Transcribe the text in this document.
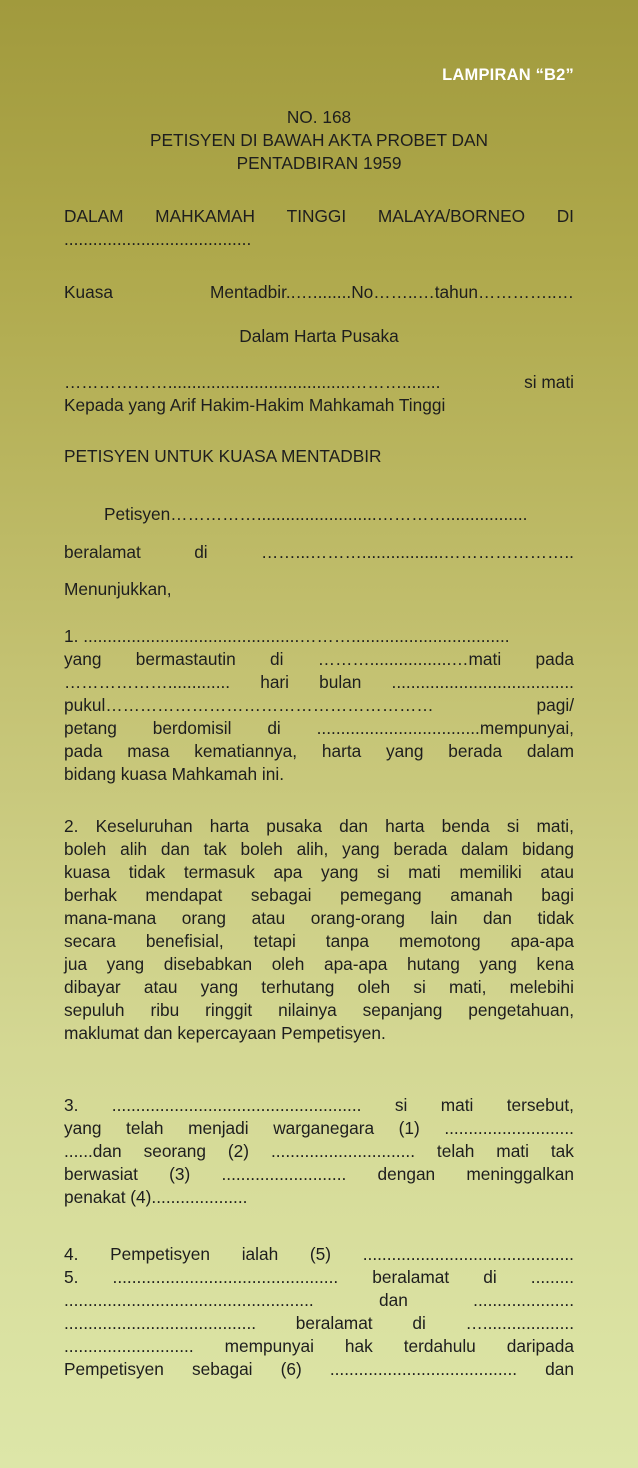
LAMPIRAN “B2”
NO. 168
PETISYEN DI BAWAH AKTA PROBET DAN
PENTADBIRAN 1959
DALAM MAHKAMAH TINGGI MALAYA/BORNEO DI
.......................................
Kuasa	Mentadbir..…........No……..…tahun…………..…
Dalam Harta Pusaka
………………......................................………........	si mati
Kepada yang Arif Hakim-Hakim Mahkamah Tinggi
PETISYEN UNTUK KUASA MENTADBIR
Petisyen…………….........................………….................
beralamat	di	……...……….................…………………..
Menunjukkan,
1. .............................................……….................................
yang bermastautin di ……….................…mati pada
………………............. hari bulan ......................................
pukul…………………………………………………	pagi/
petang berdomisil di ..................................mempunyai,
pada masa kematiannya, harta yang berada dalam
bidang kuasa Mahkamah ini.
2. Keseluruhan harta pusaka dan harta benda si mati,
boleh alih dan tak boleh alih, yang berada dalam bidang
kuasa tidak termasuk apa yang si mati memiliki atau
berhak mendapat sebagai pemegang amanah bagi
mana-mana orang atau orang-orang lain dan tidak
secara benefisial, tetapi tanpa memotong apa-apa
jua yang disebabkan oleh apa-apa hutang yang kena
dibayar atau yang terhutang oleh si mati, melebihi
sepuluh ribu ringgit nilainya sepanjang pengetahuan,
maklumat dan kepercayaan Pempetisyen.
3. .................................................... si mati tersebut,
yang telah menjadi warganegara (1) ...........................
......dan seorang (2) .............................. telah mati tak
berwasiat (3) .......................... dengan meninggalkan
penakat (4)....................
4. Pempetisyen ialah (5) ............................................
5. ............................................... beralamat di .........
....................................................	dan	.....................
........................................ beralamat di …...................
........................... mempunyai hak terdahulu daripada
Pempetisyen sebagai (6) ....................................... dan
